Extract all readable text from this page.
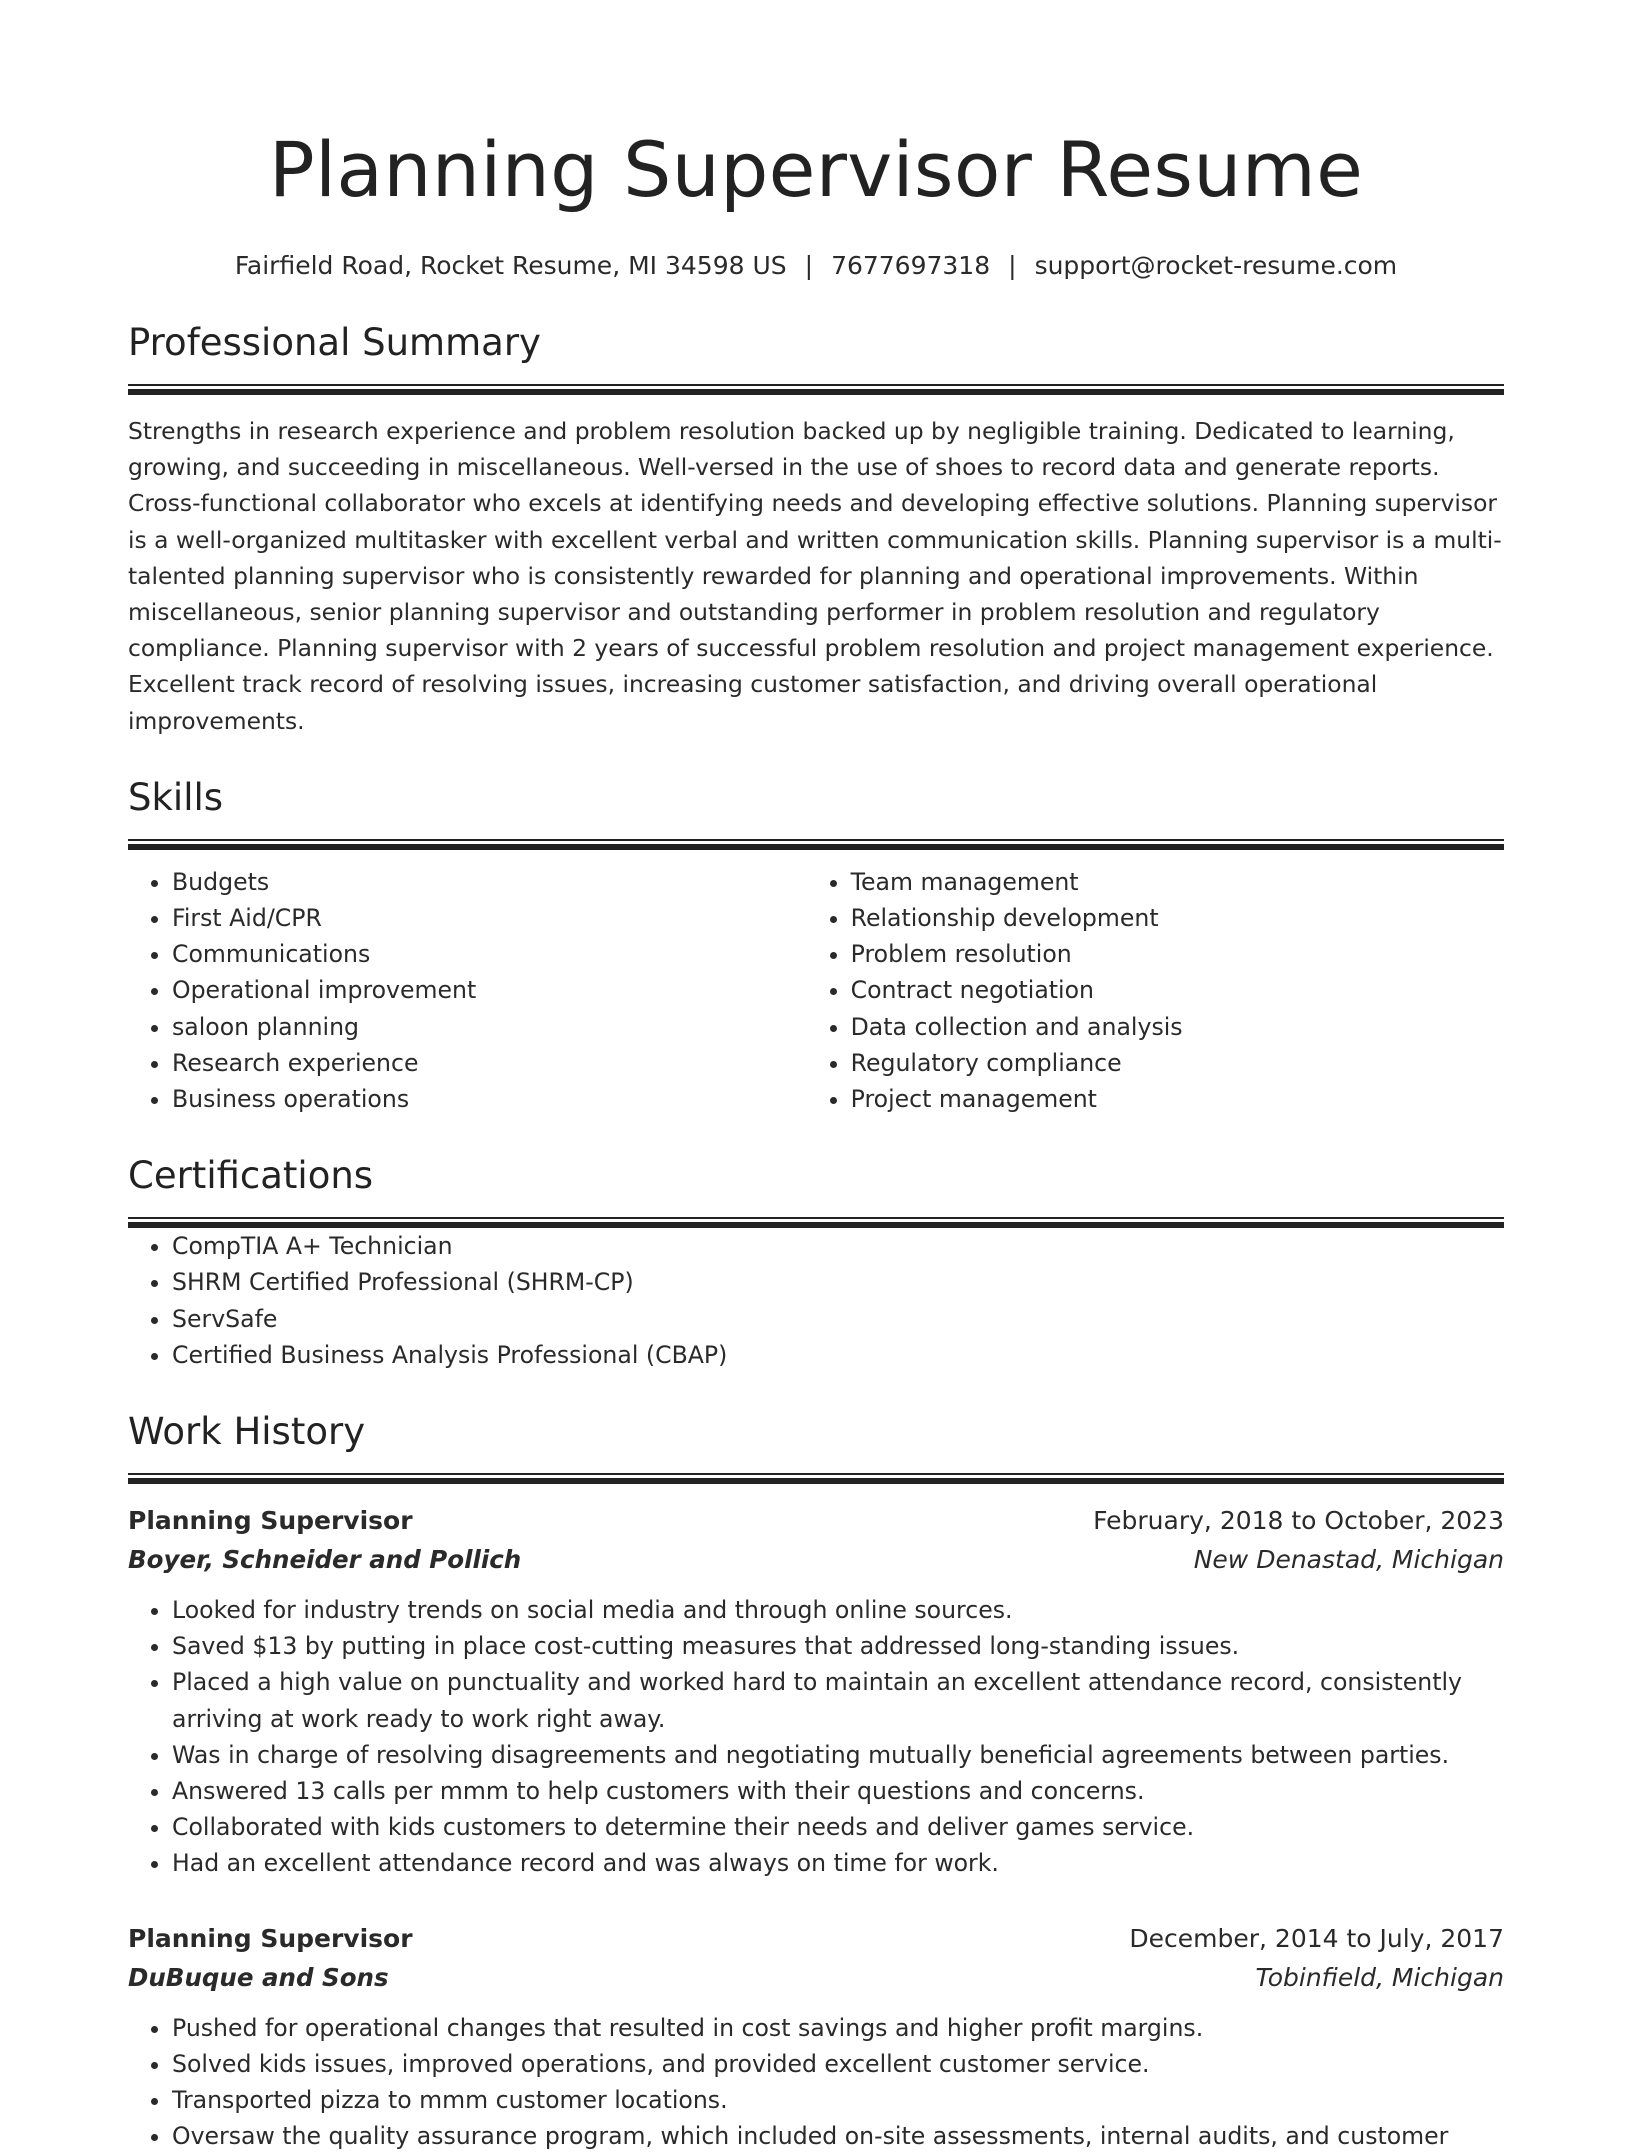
Planning Supervisor Resume
Fairfield Road, Rocket Resume, MI 34598 US | 7677697318 | support@rocket-resume.com
Professional Summary
Strengths in research experience and problem resolution backed up by negligible training. Dedicated to learning, growing, and succeeding in miscellaneous. Well-versed in the use of shoes to record data and generate reports. Cross-functional collaborator who excels at identifying needs and developing effective solutions. Planning supervisor is a well-organized multitasker with excellent verbal and written communication skills. Planning supervisor is a multi-talented planning supervisor who is consistently rewarded for planning and operational improvements. Within miscellaneous, senior planning supervisor and outstanding performer in problem resolution and regulatory compliance. Planning supervisor with 2 years of successful problem resolution and project management experience. Excellent track record of resolving issues, increasing customer satisfaction, and driving overall operational improvements.
Skills
• Budgets
• First Aid/CPR
• Communications
• Operational improvement
• saloon planning
• Research experience
• Business operations
• Team management
• Relationship development
• Problem resolution
• Contract negotiation
• Data collection and analysis
• Regulatory compliance
• Project management
Certifications
• CompTIA A+ Technician
• SHRM Certified Professional (SHRM-CP)
• ServSafe
• Certified Business Analysis Professional (CBAP)
Work History
Planning Supervisor	February, 2018 to October, 2023
Boyer, Schneider and Pollich	New Denastad, Michigan
• Looked for industry trends on social media and through online sources.
• Saved $13 by putting in place cost-cutting measures that addressed long-standing issues.
• Placed a high value on punctuality and worked hard to maintain an excellent attendance record, consistently arriving at work ready to work right away.
• Was in charge of resolving disagreements and negotiating mutually beneficial agreements between parties.
• Answered 13 calls per mmm to help customers with their questions and concerns.
• Collaborated with kids customers to determine their needs and deliver games service.
• Had an excellent attendance record and was always on time for work.
Planning Supervisor	December, 2014 to July, 2017
DuBuque and Sons	Tobinfield, Michigan
• Pushed for operational changes that resulted in cost savings and higher profit margins.
• Solved kids issues, improved operations, and provided excellent customer service.
• Transported pizza to mmm customer locations.
• Oversaw the quality assurance program, which included on-site assessments, internal audits, and customer
